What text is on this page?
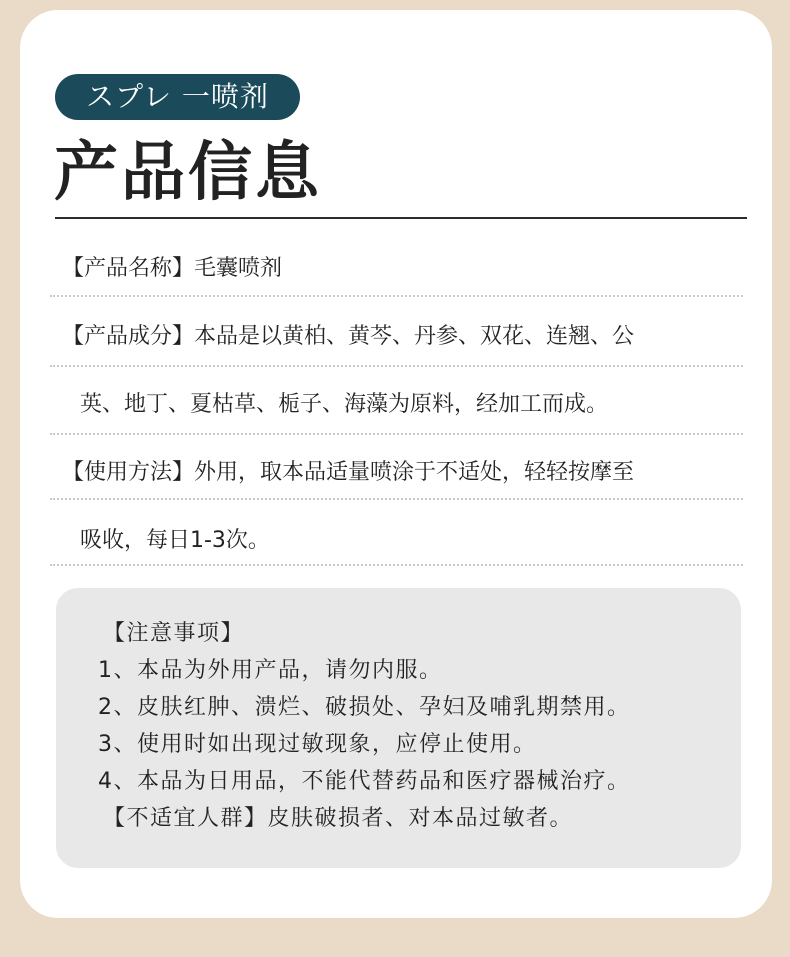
スプレ 一喷剂
产品信息
【产品名称】毛囊喷剂
【产品成分】本品是以黄柏、黄芩、丹参、双花、连翘、公
英、地丁、夏枯草、栀子、海藻为原料，经加工而成。
【使用方法】外用，取本品适量喷涂于不适处，轻轻按摩至
吸收，每日1-3次。
【注意事项】
1、本品为外用产品，请勿内服。
2、皮肤红肿、溃烂、破损处、孕妇及哺乳期禁用。
3、使用时如出现过敏现象，应停止使用。
4、本品为日用品，不能代替药品和医疗器械治疗。
【不适宜人群】皮肤破损者、对本品过敏者。
